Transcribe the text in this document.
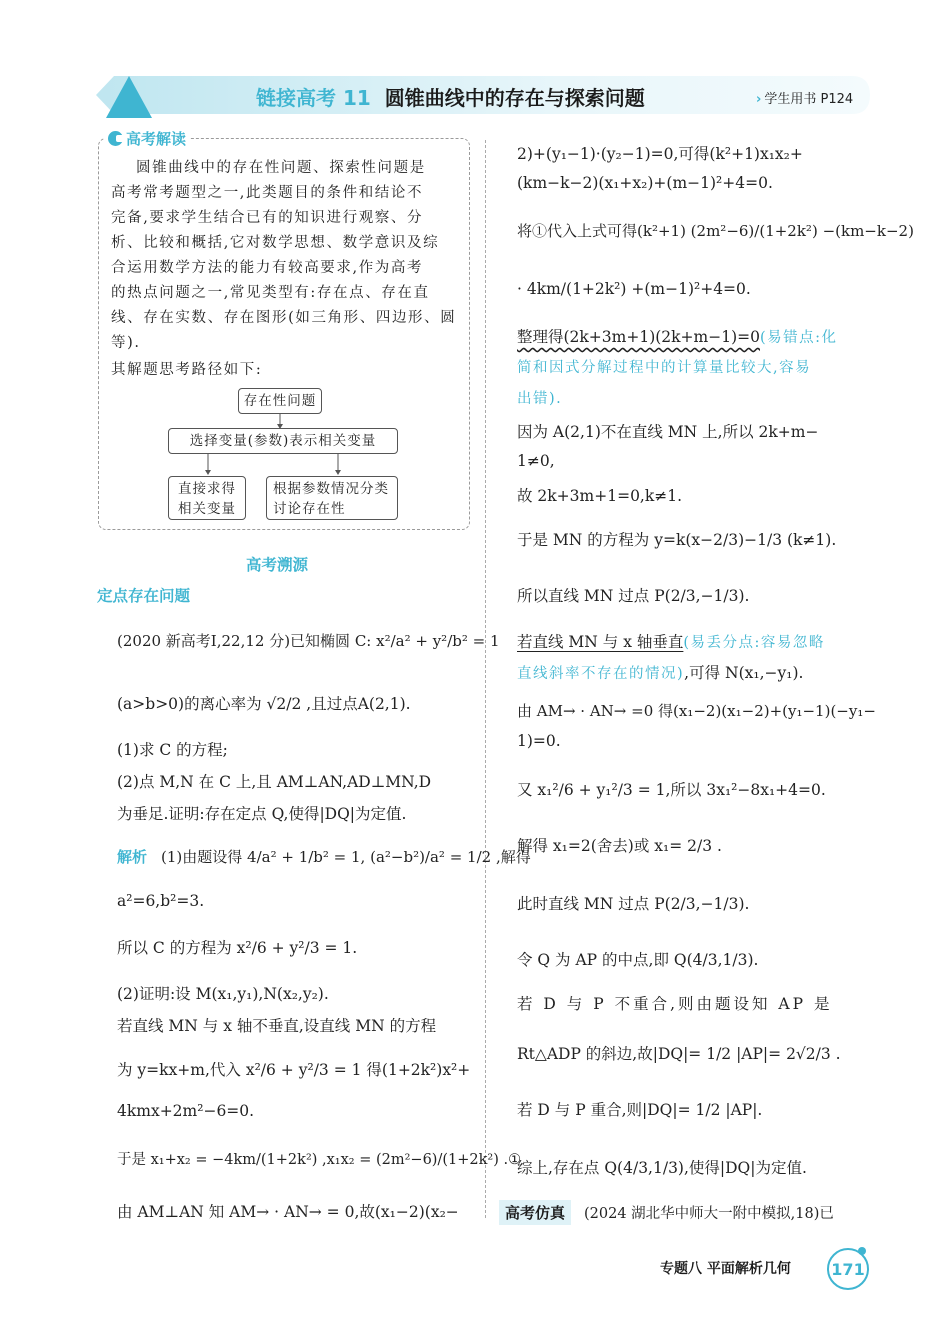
链接高考 11 圆锥曲线中的存在与探索问题	› 学生用书 P124
高考解读
圆锥曲线中的存在性问题、探索性问题是
高考常考题型之一,此类题目的条件和结论不
完备,要求学生结合已有的知识进行观察、分
析、比较和概括,它对数学思想、数学意识及综
合运用数学方法的能力有较高要求,作为高考
的热点问题之一,常见类型有:存在点、存在直
线、存在实数、存在图形(如三角形、四边形、圆
等).
其解题思考路径如下:
存在性问题
选择变量(参数)表示相关变量
直接求得
相关变量
根据参数情况分类
讨论存在性
高考溯源
定点存在问题
(2020 新高考Ⅰ,22,12 分)已知椭圆 C: x²/a² + y²/b² = 1
(a>b>0)的离心率为 √2/2 ,且过点A(2,1).
(1)求 C 的方程;
(2)点 M,N 在 C 上,且 AM⊥AN,AD⊥MN,D
为垂足.证明:存在定点 Q,使得|DQ|为定值.
解析 (1)由题设得 4/a² + 1/b² = 1, (a²−b²)/a² = 1/2 ,解得
a²=6,b²=3.
所以 C 的方程为 x²/6 + y²/3 = 1.
(2)证明:设 M(x₁,y₁),N(x₂,y₂).
若直线 MN 与 x 轴不垂直,设直线 MN 的方程
为 y=kx+m,代入 x²/6 + y²/3 = 1 得(1+2k²)x²+
4kmx+2m²−6=0.
于是 x₁+x₂ = −4km/(1+2k²) ,x₁x₂ = (2m²−6)/(1+2k²) .①
由 AM⊥AN 知 AM→ · AN→ = 0,故(x₁−2)(x₂−
2)+(y₁−1)·(y₂−1)=0,可得(k²+1)x₁x₂+
(km−k−2)(x₁+x₂)+(m−1)²+4=0.
将①代入上式可得(k²+1) (2m²−6)/(1+2k²) −(km−k−2)
· 4km/(1+2k²) +(m−1)²+4=0.
整理得(2k+3m+1)(2k+m−1)=0(易错点:化
简和因式分解过程中的计算量比较大,容易
出错).
因为 A(2,1)不在直线 MN 上,所以 2k+m−
1≠0,
故 2k+3m+1=0,k≠1.
于是 MN 的方程为 y=k(x−2/3)−1/3 (k≠1).
所以直线 MN 过点 P(2/3,−1/3).
若直线 MN 与 x 轴垂直(易丢分点:容易忽略
直线斜率不存在的情况),可得 N(x₁,−y₁).
由 AM→ · AN→ =0 得(x₁−2)(x₁−2)+(y₁−1)(−y₁−
1)=0.
又 x₁²/6 + y₁²/3 = 1,所以 3x₁²−8x₁+4=0.
解得 x₁=2(舍去)或 x₁= 2/3 .
此时直线 MN 过点 P(2/3,−1/3).
令 Q 为 AP 的中点,即 Q(4/3,1/3).
若 D 与 P 不重合,则由题设知 AP 是
Rt△ADP 的斜边,故|DQ|= 1/2 |AP|= 2√2/3 .
若 D 与 P 重合,则|DQ|= 1/2 |AP|.
综上,存在点 Q(4/3,1/3),使得|DQ|为定值.
高考仿真	(2024 湖北华中师大一附中模拟,18)已
专题八 平面解析几何	171
